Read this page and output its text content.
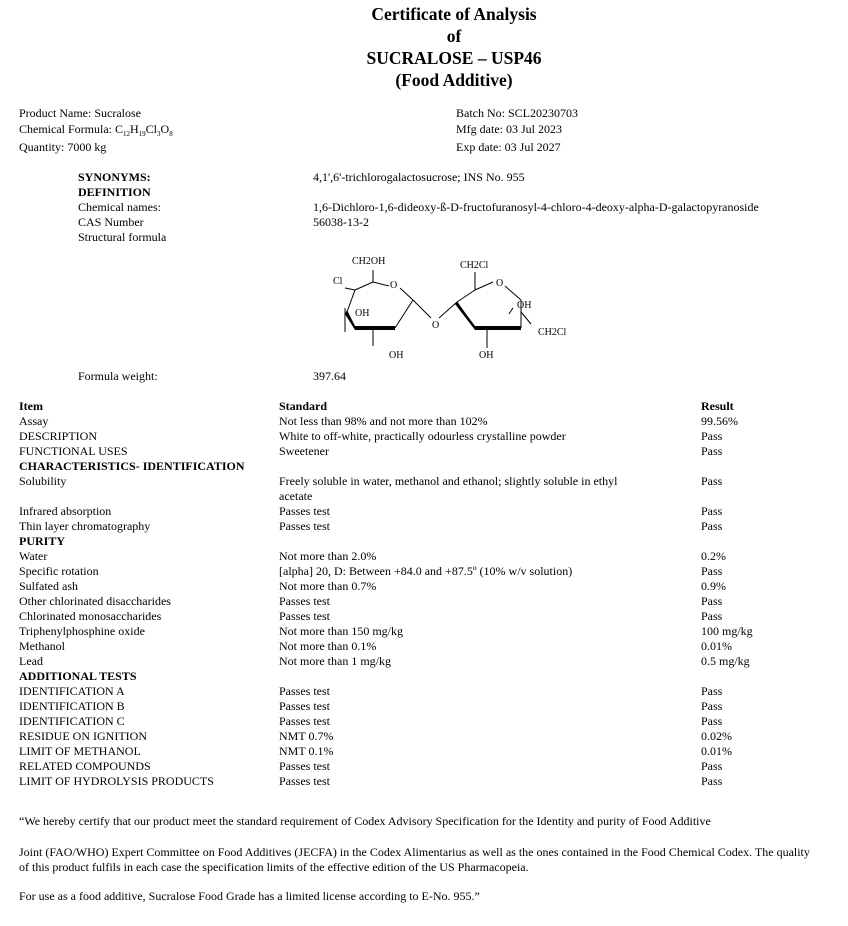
Certificate of Analysis
of
SUCRALOSE – USP46
(Food Additive)
Product Name: Sucralose
Chemical Formula: $C_{12}H_{19}Cl_3O_8$
Quantity: 7000 kg
Batch No: SCL20230703
Mfg date: 03 Jul 2023
Exp date: 03 Jul 2027
SYNONYMS:	4,1',6'-trichlorogalactosucrose; INS No. 955
DEFINITION
Chemical names:	1,6-Dichloro-1,6-dideoxy-ß-D-fructofuranosyl-4-chloro-4-deoxy-alpha-D-galactopyranoside
CAS Number	56038-13-2
Structural formula
CH2OH
Cl	O
OH
OH
O
CH2Cl
O
OH
OH
CH2Cl
Formula weight:	397.64
Item	Standard	Result
Assay	Not less than 98% and not more than 102%	99.56%
DESCRIPTION	White to off-white, practically odourless crystalline powder	Pass
FUNCTIONAL USES	Sweetener	Pass
CHARACTERISTICS- IDENTIFICATION
Solubility	Freely soluble in water, methanol and ethanol; slightly soluble in ethyl	Pass
acetate
Infrared absorption	Passes test	Pass
Thin layer chromatography	Passes test	Pass
PURITY
Water	Not more than 2.0%	0.2%
Specific rotation	[alpha] 20, D: Between +84.0 and +87.5º (10% w/v solution)	Pass
Sulfated ash	Not more than 0.7%	0.9%
Other chlorinated disaccharides	Passes test	Pass
Chlorinated monosaccharides	Passes test	Pass
Triphenylphosphine oxide	Not more than 150 mg/kg	100 mg/kg
Methanol	Not more than 0.1%	0.01%
Lead	Not more than 1 mg/kg	0.5 mg/kg
ADDITIONAL TESTS
IDENTIFICATION A	Passes test	Pass
IDENTIFICATION B	Passes test	Pass
IDENTIFICATION C	Passes test	Pass
RESIDUE ON IGNITION	NMT 0.7%	0.02%
LIMIT OF METHANOL	NMT 0.1%	0.01%
RELATED COMPOUNDS	Passes test	Pass
LIMIT OF HYDROLYSIS PRODUCTS	Passes test	Pass
“We hereby certify that our product meet the standard requirement of Codex Advisory Specification for the Identity and purity of Food Additive
Joint (FAO/WHO) Expert Committee on Food Additives (JECFA) in the Codex Alimentarius as well as the ones contained in the Food Chemical Codex. The quality
of this product fulfils in each case the specification limits of the effective edition of the US Pharmacopeia.
For use as a food additive, Sucralose Food Grade has a limited license according to E-No. 955.”
